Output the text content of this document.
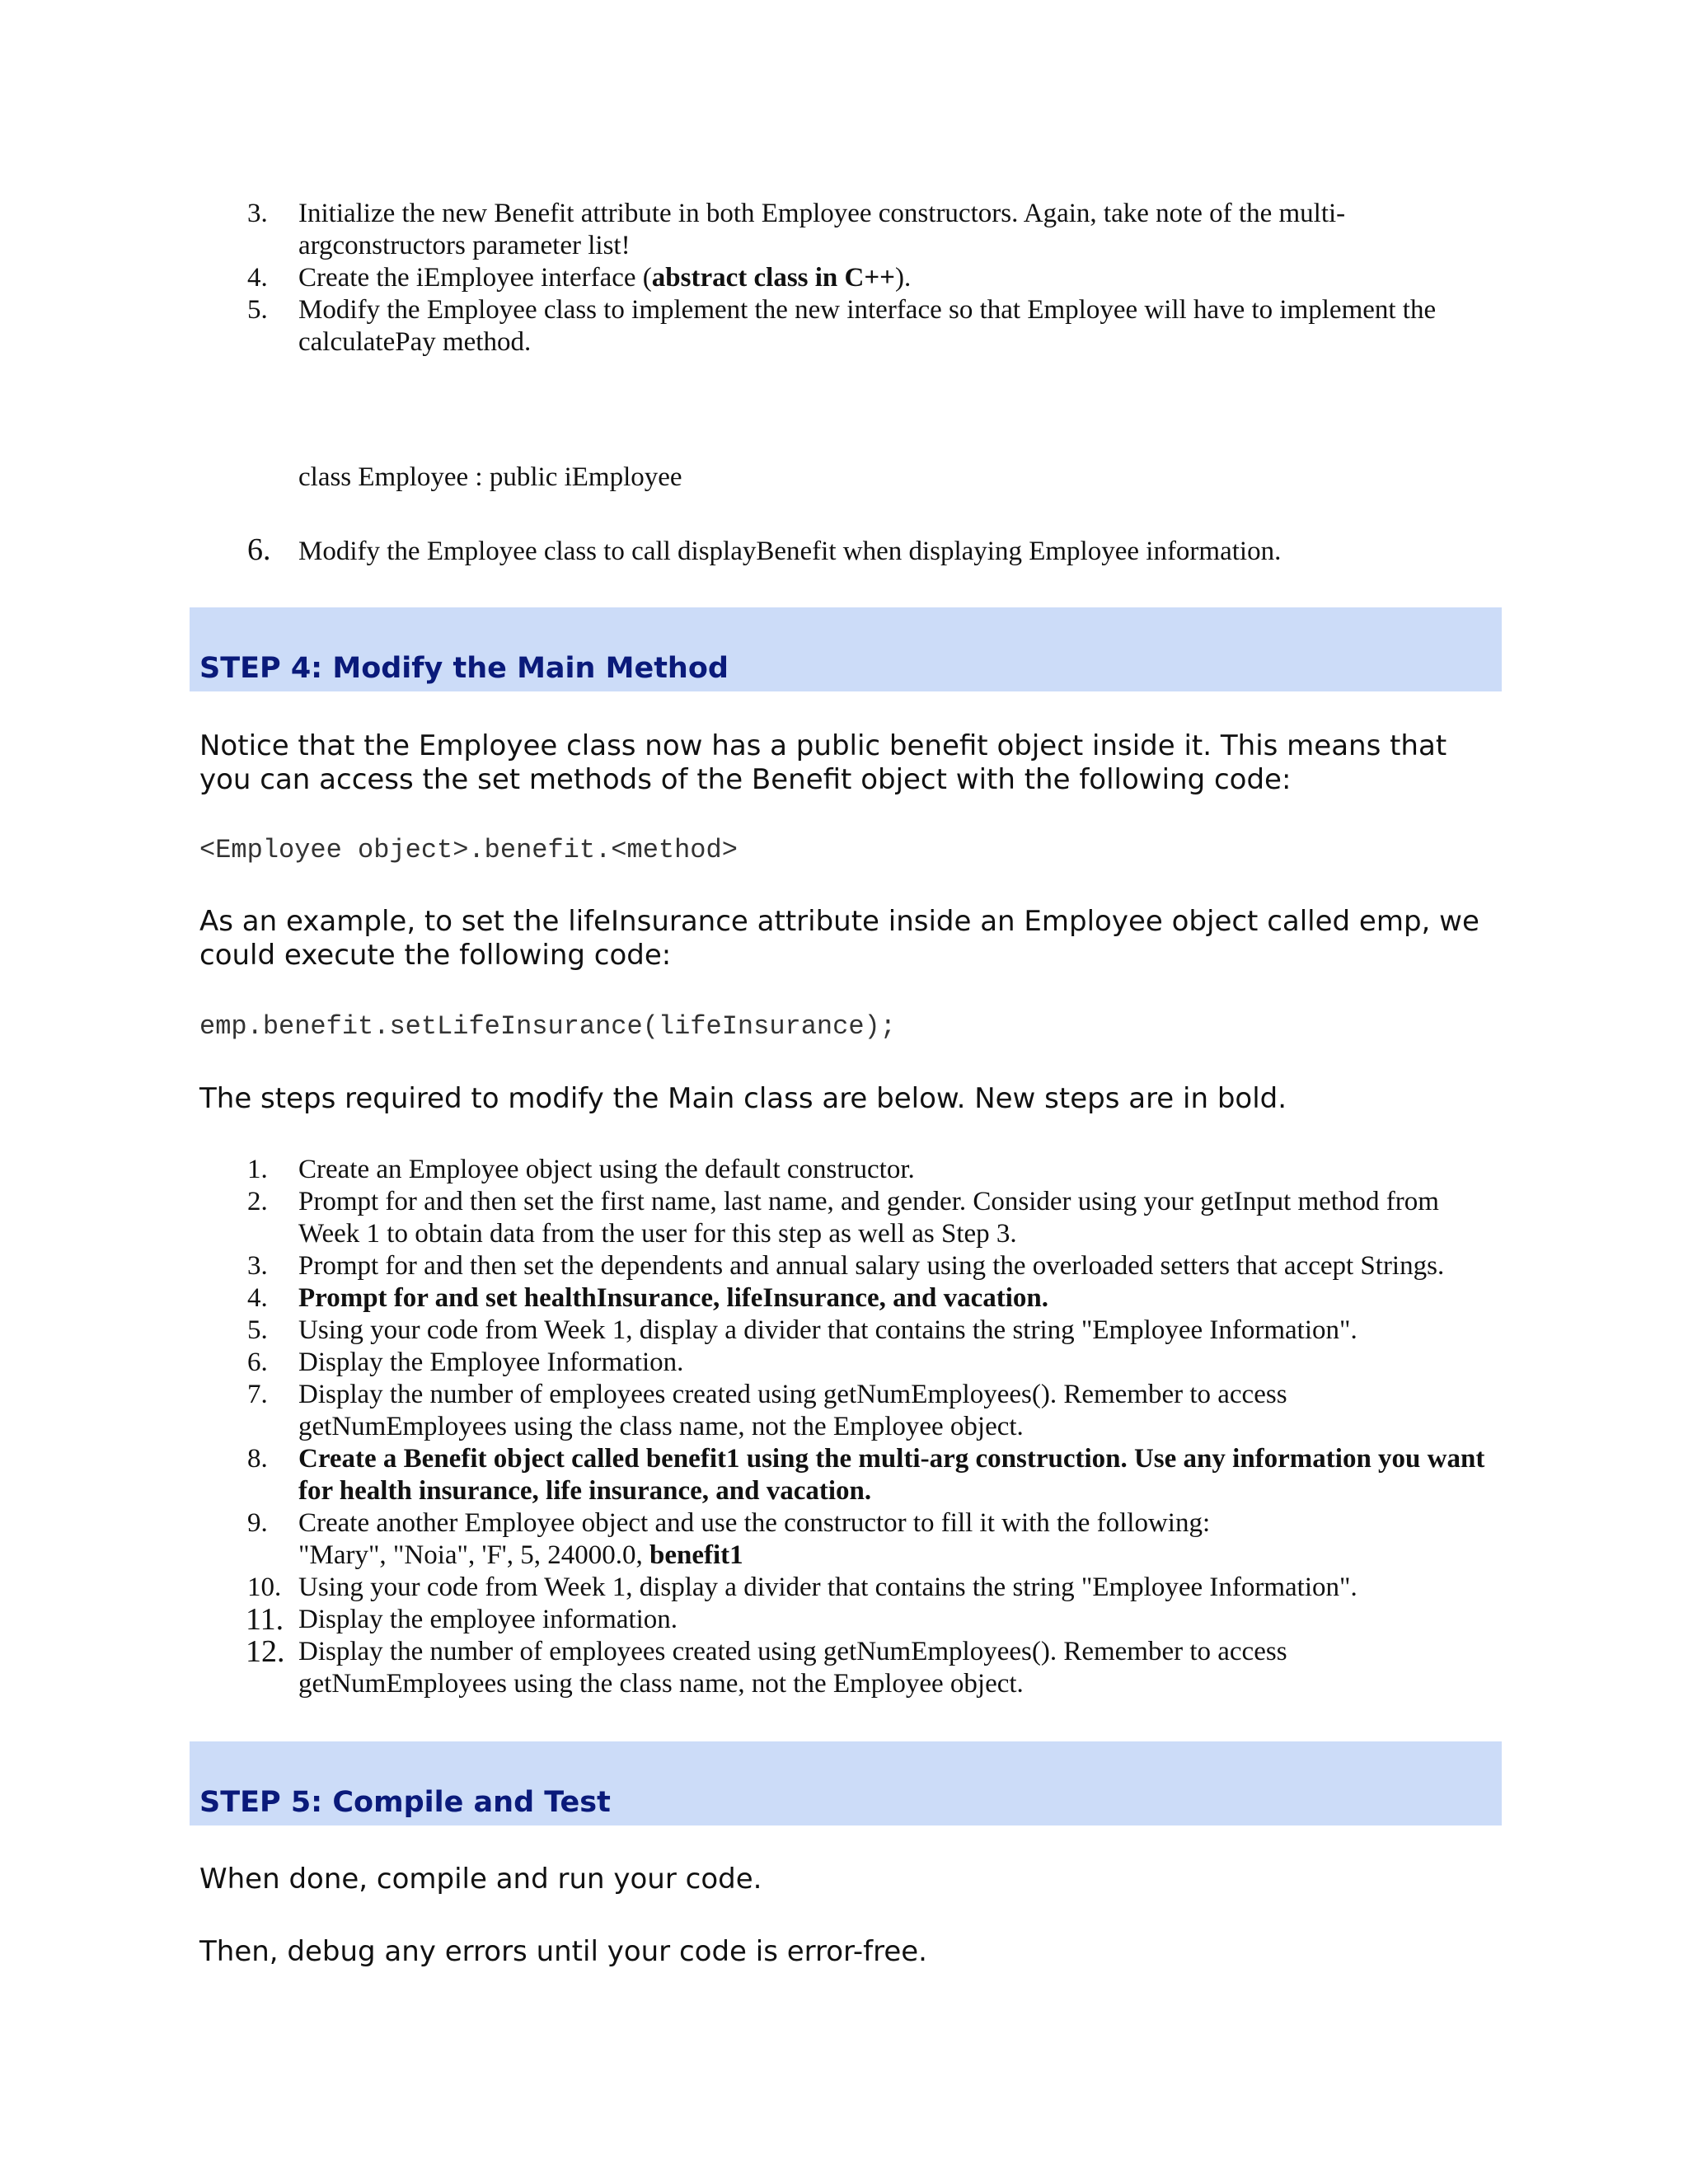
3.	Initialize the new Benefit attribute in both Employee constructors. Again, take note of the multi-argconstructors parameter list!
4.	Create the iEmployee interface (abstract class in C++).
5.	Modify the Employee class to implement the new interface so that Employee will have to implement the calculatePay method.
class Employee : public iEmployee
6. Modify the Employee class to call displayBenefit when displaying Employee information.
STEP 4: Modify the Main Method
Notice that the Employee class now has a public benefit object inside it. This means that you can access the set methods of the Benefit object with the following code:
<Employee object>.benefit.<method>
As an example, to set the lifeInsurance attribute inside an Employee object called emp, we could execute the following code:
emp.benefit.setLifeInsurance(lifeInsurance);
The steps required to modify the Main class are below. New steps are in bold.
1.	Create an Employee object using the default constructor.
2.	Prompt for and then set the first name, last name, and gender. Consider using your getInput method from Week 1 to obtain data from the user for this step as well as Step 3.
3.	Prompt for and then set the dependents and annual salary using the overloaded setters that accept Strings.
4.	Prompt for and set healthInsurance, lifeInsurance, and vacation.
5.	Using your code from Week 1, display a divider that contains the string "Employee Information".
6.	Display the Employee Information.
7.	Display the number of employees created using getNumEmployees(). Remember to access getNumEmployees using the class name, not the Employee object.
8.	Create a Benefit object called benefit1 using the multi-arg construction. Use any information you want for health insurance, life insurance, and vacation.
9.	Create another Employee object and use the constructor to fill it with the following:
"Mary", "Noia", 'F', 5, 24000.0, benefit1
10. Using your code from Week 1, display a divider that contains the string "Employee Information".
11. Display the employee information.
12. Display the number of employees created using getNumEmployees(). Remember to access getNumEmployees using the class name, not the Employee object.
STEP 5: Compile and Test
When done, compile and run your code.
Then, debug any errors until your code is error-free.
